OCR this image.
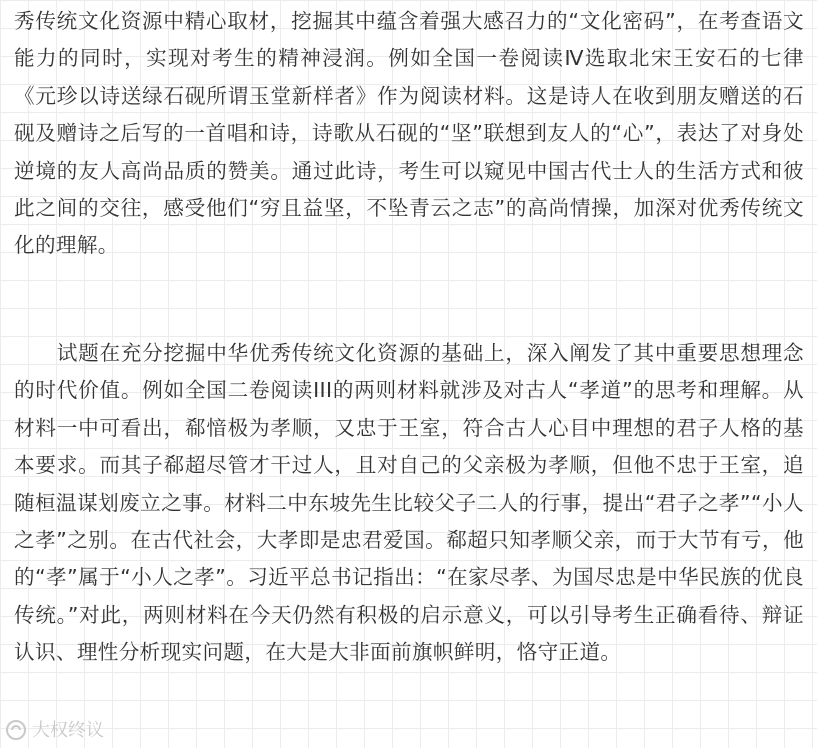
秀传统文化资源中精心取材，挖掘其中蕴含着强大感召力的“文化密码”，在考查语文能力的同时，实现对考生的精神浸润。例如全国一卷阅读Ⅳ选取北宋王安石的七律《元珍以诗送绿石砚所谓玉堂新样者》作为阅读材料。这是诗人在收到朋友赠送的石砚及赠诗之后写的一首唱和诗，诗歌从石砚的“坚”联想到友人的“心”，表达了对身处逆境的友人高尚品质的赞美。通过此诗，考生可以窥见中国古代士人的生活方式和彼此之间的交往，感受他们“穷且益坚，不坠青云之志”的高尚情操，加深对优秀传统文化的理解。

　　试题在充分挖掘中华优秀传统文化资源的基础上，深入阐发了其中重要思想理念的时代价值。例如全国二卷阅读III的两则材料就涉及对古人“孝道”的思考和理解。从材料一中可看出，郗愔极为孝顺，又忠于王室，符合古人心目中理想的君子人格的基本要求。而其子郗超尽管才干过人，且对自己的父亲极为孝顺，但他不忠于王室，追随桓温谋划废立之事。材料二中东坡先生比较父子二人的行事，提出“君子之孝”“小人之孝”之别。在古代社会，大孝即是忠君爱国。郗超只知孝顺父亲，而于大节有亏，他的“孝”属于“小人之孝”。习近平总书记指出：“在家尽孝、为国尽忠是中华民族的优良传统。”对此，两则材料在今天仍然有积极的启示意义，可以引导考生正确看待、辩证认识、理性分析现实问题，在大是大非面前旗帜鲜明，恪守正道。

大权终议
